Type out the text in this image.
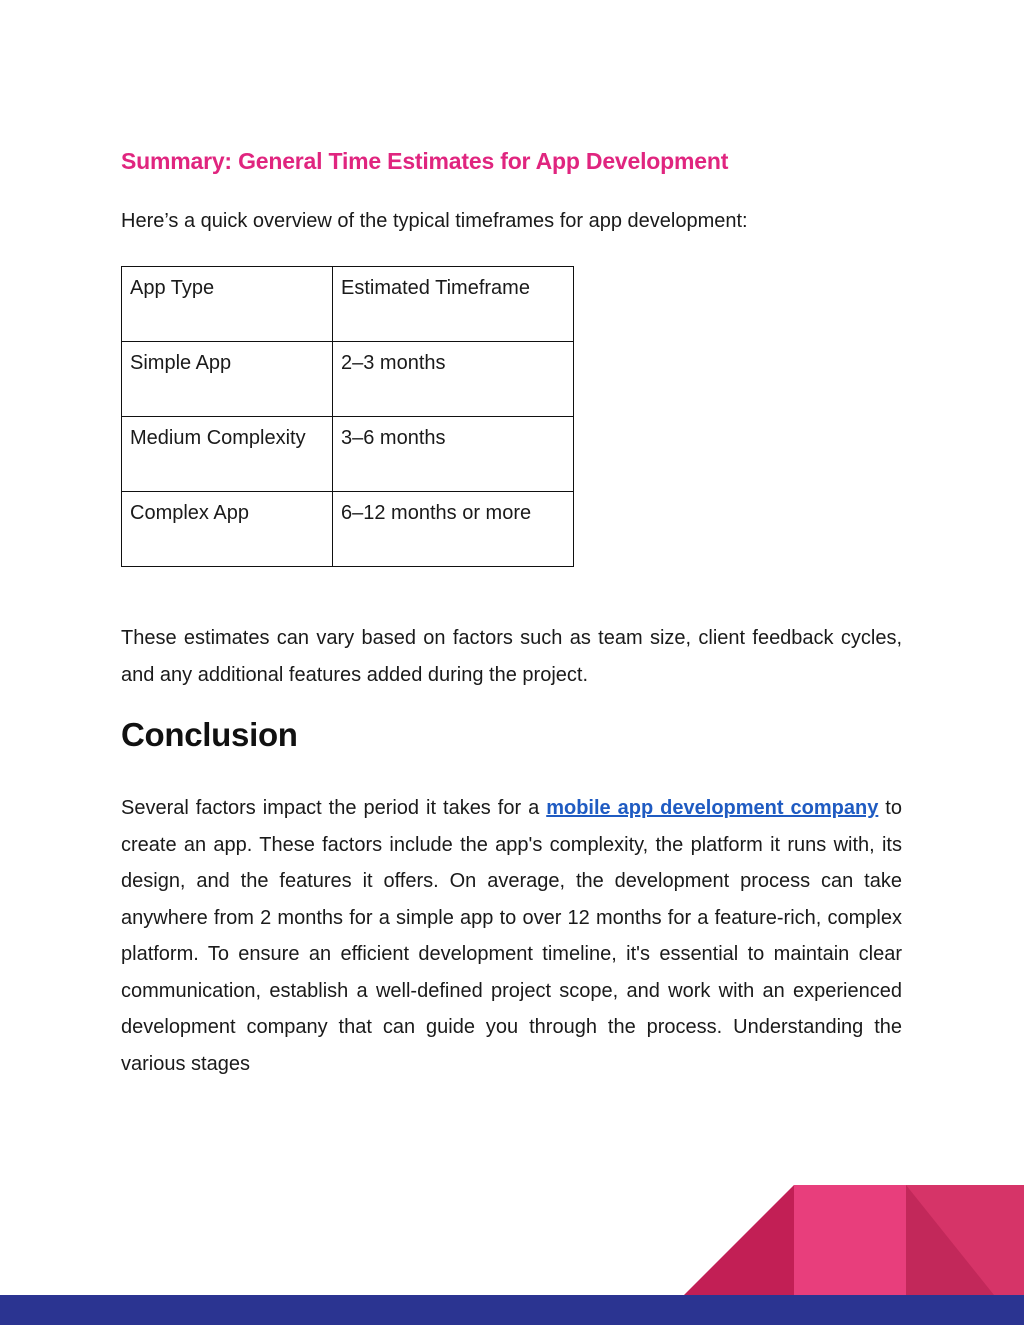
Summary: General Time Estimates for App Development

Here’s a quick overview of the typical timeframes for app development:

App Type	Estimated Timeframe
Simple App	2–3 months
Medium Complexity	3–6 months
Complex App	6–12 months or more

These estimates can vary based on factors such as team size, client feedback cycles, and any additional features added during the project.

Conclusion

Several factors impact the period it takes for a mobile app development company to create an app. These factors include the app's complexity, the platform it runs with, its design, and the features it offers. On average, the development process can take anywhere from 2 months for a simple app to over 12 months for a feature-rich, complex platform. To ensure an efficient development timeline, it's essential to maintain clear communication, establish a well-defined project scope, and work with an experienced development company that can guide you through the process. Understanding the various stages
